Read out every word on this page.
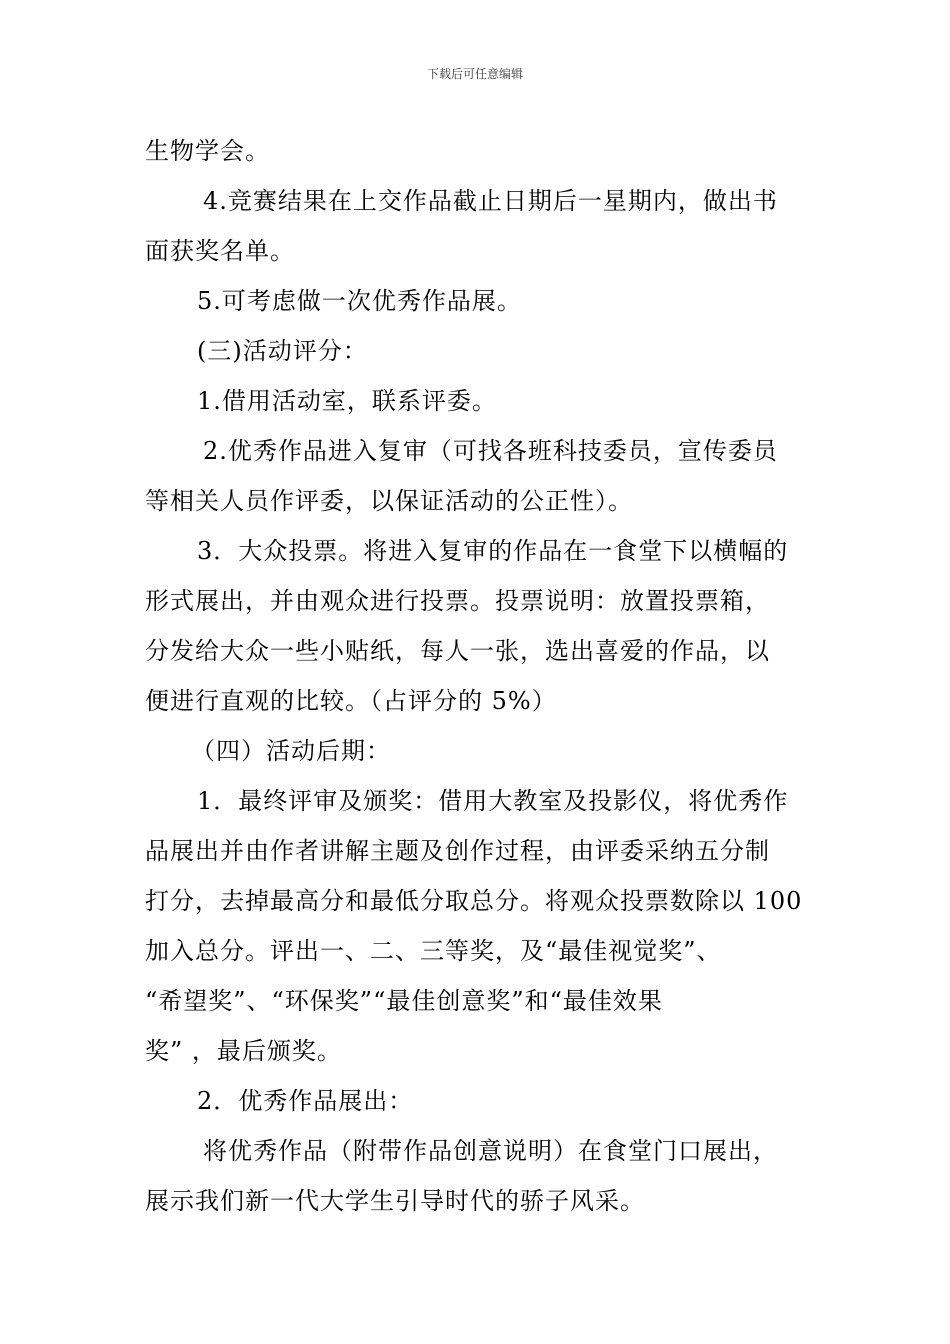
下载后可任意编辑

生物学会。

4.竞赛结果在上交作品截止日期后一星期内，做出书

面获奖名单。

5.可考虑做一次优秀作品展。

(三)活动评分：

1.借用活动室，联系评委。

2.优秀作品进入复审（可找各班科技委员，宣传委员

等相关人员作评委，以保证活动的公正性）。

3．大众投票。将进入复审的作品在一食堂下以横幅的

形式展出，并由观众进行投票。投票说明：放置投票箱，

分发给大众一些小贴纸，每人一张，选出喜爱的作品，以

便进行直观的比较。（占评分的 5%）

（四）活动后期：

1．最终评审及颁奖：借用大教室及投影仪，将优秀作

品展出并由作者讲解主题及创作过程，由评委采纳五分制

打分，去掉最高分和最低分取总分。将观众投票数除以 100

加入总分。评出一、二、三等奖，及“最佳视觉奖”、

“希望奖”、“环保奖”“最佳创意奖”和“最佳效果

奖” ，最后颁奖。

2．优秀作品展出：

将优秀作品（附带作品创意说明）在食堂门口展出，

展示我们新一代大学生引导时代的骄子风采。
